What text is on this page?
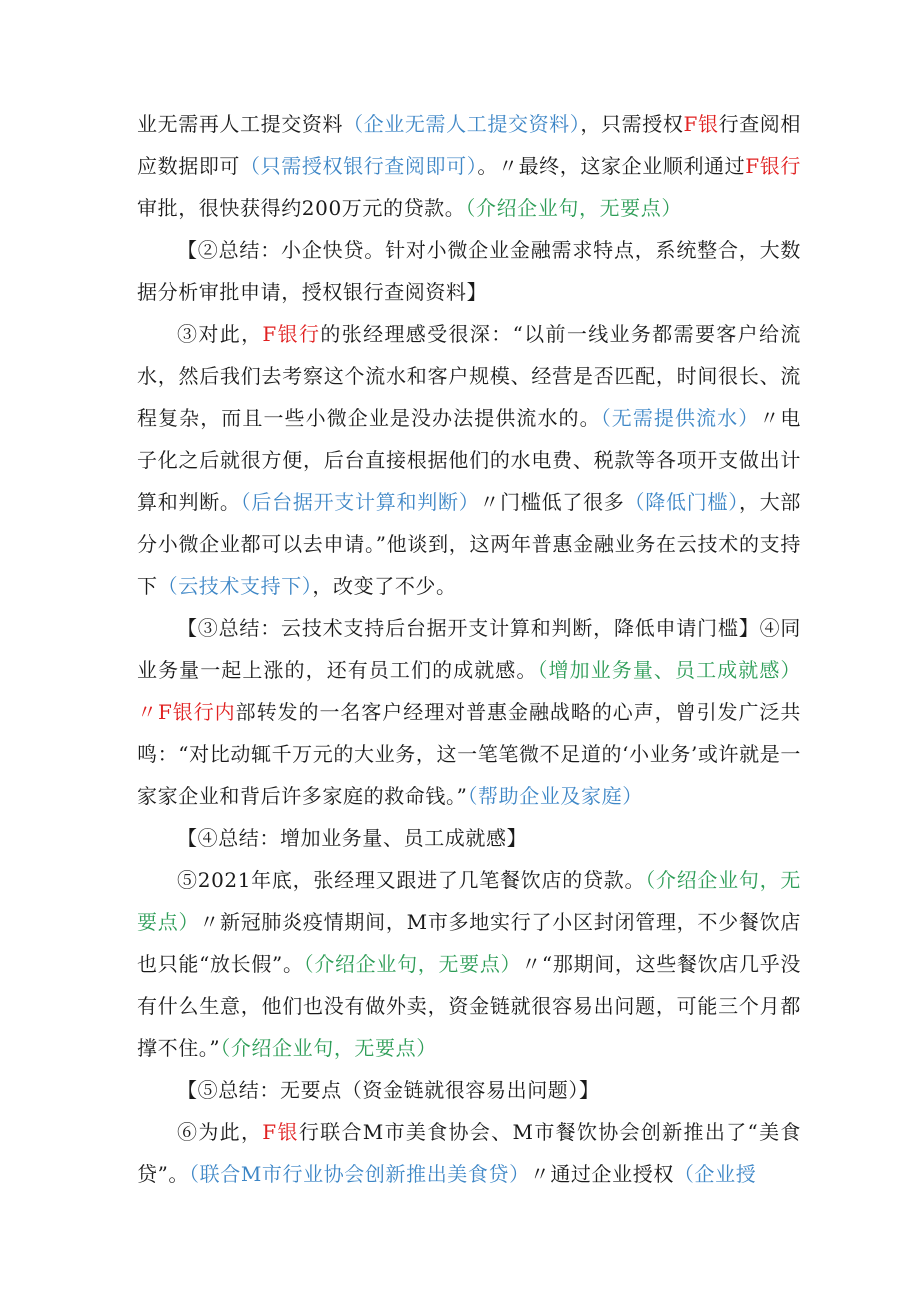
业无需再人工提交资料（企业无需人工提交资料），只需授权F银行查阅相应数据即可（只需授权银行查阅即可）。〃最终，这家企业顺利通过F银行审批，很快获得约200万元的贷款。（介绍企业句，无要点）

【②总结：小企快贷。针对小微企业金融需求特点，系统整合，大数据分析审批申请，授权银行查阅资料】

③对此，F银行的张经理感受很深：“以前一线业务都需要客户给流水，然后我们去考察这个流水和客户规模、经营是否匹配，时间很长、流程复杂，而且一些小微企业是没办法提供流水的。（无需提供流水）〃电子化之后就很方便，后台直接根据他们的水电费、税款等各项开支做出计算和判断。（后台据开支计算和判断）〃门槛低了很多（降低门槛），大部分小微企业都可以去申请。”他谈到，这两年普惠金融业务在云技术的支持下（云技术支持下），改变了不少。

【③总结：云技术支持后台据开支计算和判断，降低申请门槛】④同业务量一起上涨的，还有员工们的成就感。（增加业务量、员工成就感）〃F银行内部转发的一名客户经理对普惠金融战略的心声，曾引发广泛共鸣：“对比动辄千万元的大业务，这一笔笔微不足道的‘小业务’或许就是一家家企业和背后许多家庭的救命钱。”（帮助企业及家庭）

【④总结：增加业务量、员工成就感】

⑤2021年底，张经理又跟进了几笔餐饮店的贷款。（介绍企业句，无要点）〃新冠肺炎疫情期间，M市多地实行了小区封闭管理，不少餐饮店也只能“放长假”。（介绍企业句，无要点）〃“那期间，这些餐饮店几乎没有什么生意，他们也没有做外卖，资金链就很容易出问题，可能三个月都撑不住。”（介绍企业句，无要点）

【⑤总结：无要点（资金链就很容易出问题）】

⑥为此，F银行联合M市美食协会、M市餐饮协会创新推出了“美食贷”。（联合M市行业协会创新推出美食贷）〃通过企业授权（企业授
